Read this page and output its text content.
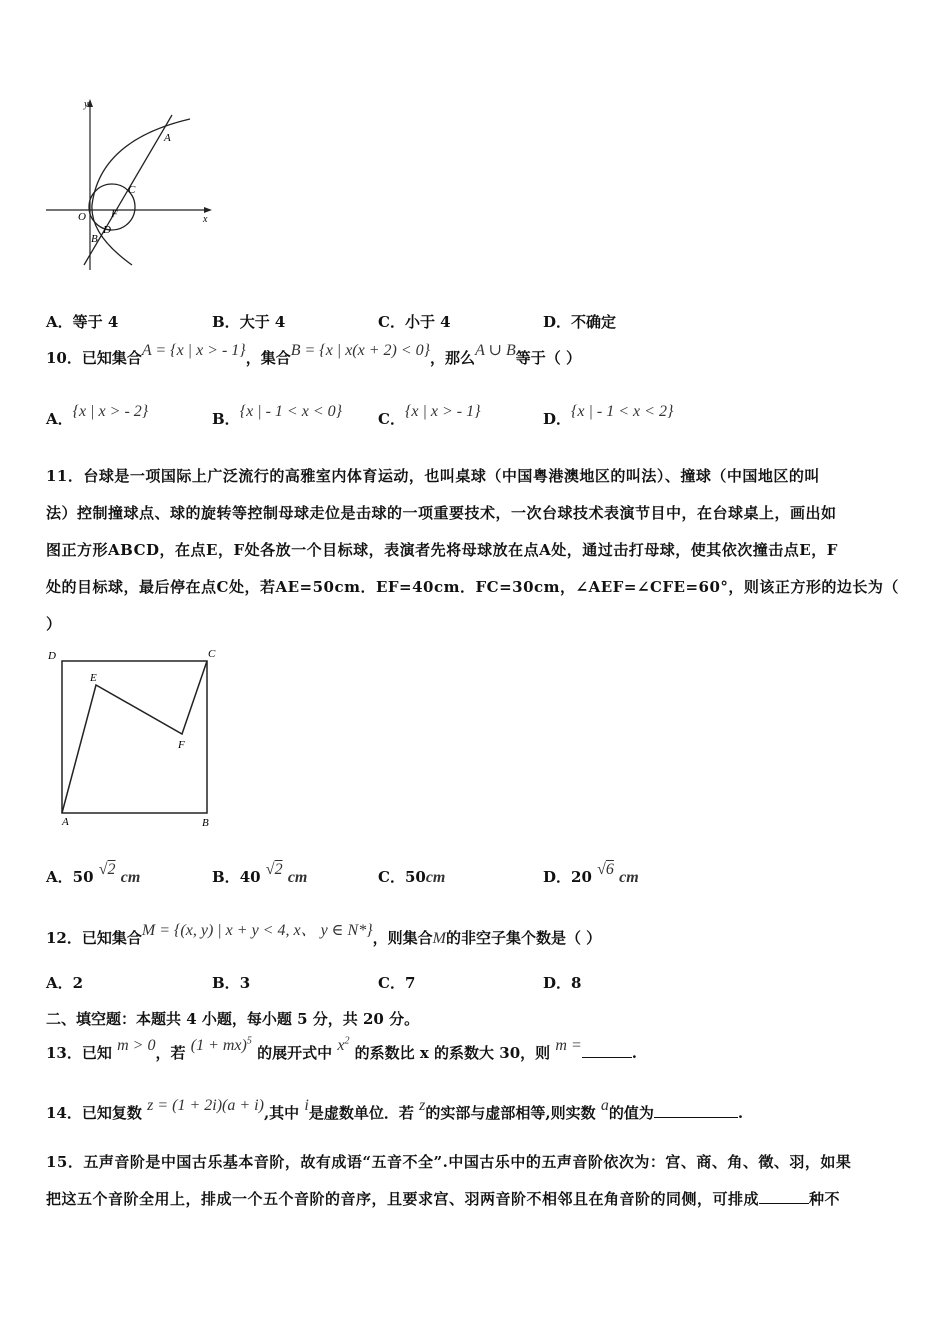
y
x
O
A
C
F
D
B
A．等于 4	B．大于 4	C．小于 4	D．不确定
10．已知集合A = {x | x > - 1}，集合B = {x | x(x + 2) < 0}，那么A ∪ B等于（ ）
A．{x | x > - 2}	B．{x | - 1 < x < 0} C．{x | x > - 1}	D．{x | - 1 < x < 2}
11．台球是一项国际上广泛流行的高雅室内体育运动，也叫桌球（中国粤港澳地区的叫法）、撞球（中国地区的叫
法）控制撞球点、球的旋转等控制母球走位是击球的一项重要技术，一次台球技术表演节目中，在台球桌上，画出如
图正方形ABCD，在点E，F处各放一个目标球，表演者先将母球放在点A处，通过击打母球，使其依次撞击点E，F
处的目标球，最后停在点C处，若AE=50cm．EF=40cm．FC=30cm，∠AEF=∠CFE=60°，则该正方形的边长为（
）
D	C
E
F
A	B
A．50 √2 cm	B．40 √2 cm	C．50cm	D．20 √6 cm
12．已知集合M = {(x, y) | x + y < 4, x、 y ∈ N*}，则集合M的非空子集个数是（ ）
A．2	B．3	C．7	D．8
二、填空题：本题共 4 小题，每小题 5 分，共 20 分。
13．已知 m > 0，若 (1 + mx)$^5$ 的展开式中 $x^2$ 的系数比 x 的系数大 30，则 m =	.
14．已知复数 z = (1 + 2i)(a + i),其中 i是虚数单位．若 z的实部与虚部相等,则实数 a的值为	.
15．五声音阶是中国古乐基本音阶，故有成语“五音不全”.中国古乐中的五声音阶依次为：宫、商、角、徵、羽，如果
把这五个音阶全用上，排成一个五个音阶的音序，且要求宫、羽两音阶不相邻且在角音阶的同侧，可排成	种不
